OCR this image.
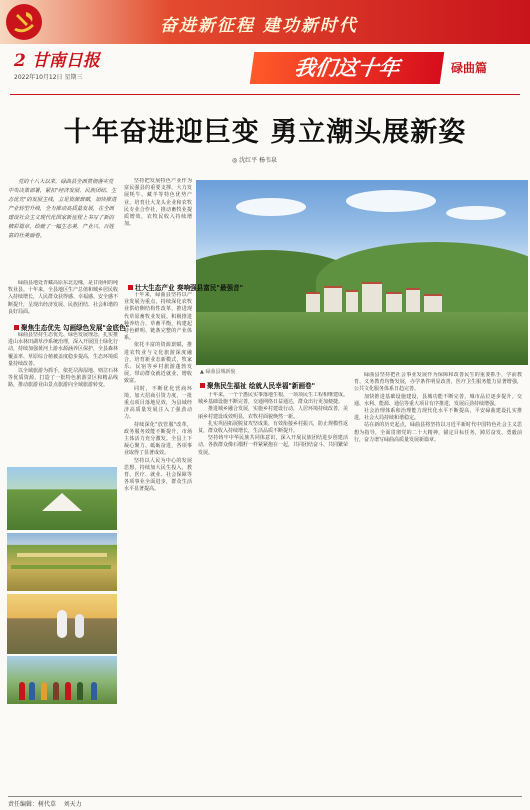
奋进新征程 建功新时代
2 甘南日报
2022年10月12日 星期三	我们这十年	碌曲篇
十年奋进迎巨变 勇立潮头展新姿
◎ 沈红平 杨韦泉

党的十八大以来，碌曲县全面贯彻落实党中央决策部署，紧扣"经济发展、民族团结、生态优先"的发展主线，立足资源禀赋，加快推进产业转型升级，全力推动高质量发展，在全面建设社会主义现代化国家新征程上书写了新的精彩篇章，绘就了一幅生态美、产业兴、百姓富的壮美画卷。

坚持把发展特色产业作为富民强县的重要支撑，大力发展牦牛、藏羊等特色优势产业，培育壮大龙头企业和农牧民专业合作社，推动畜牧业提质增效，农牧民收入持续增加。

▲ 碌曲县城新貌

碌曲县地处青藏高原东北边缘，是甘南州的纯牧业县。十年来，全县地区生产总值和城乡居民收入持续增长，人民群众获得感、幸福感、安全感不断提升，呈现出经济发展、民族团结、社会和谐的良好局面。

聚焦生态优先 勾画绿色发展"金底色"

碌曲县坚持生态优先、绿色发展理念，扎实推进山水林田湖草沙系统治理，深入开展国土绿化行动，持续加强黄河上游水源涵养区保护，全县森林覆盖率、草原综合植被盖度稳步提高，生态环境质量持续改善。

以全域旅游为抓手，依托尕海湿地、则岔石林等优质资源，打造了一批特色旅游景区和精品线路，推动旅游业由景点旅游向全域旅游转变。

壮大生态产业 奏响强县富民"最强音"

十年来，碌曲县坚持以产业发展为重点，持续深化农牧业供给侧结构性改革，推进现代草原畜牧业发展。积极推进种养结合、草畜平衡，构建起特色鲜明、链条完整的产业体系。

依托丰富的资源禀赋，推进农牧业与文化旅游深度融合，培育新业态新模式，牧家乐、民宿等乡村旅游蓬勃发展，带动群众就近就业、增收致富。

同时，不断优化营商环境，加大招商引资力度，一批重点项目落地见效，为县域经济高质量发展注入了强劲动力。

持续深化"放管服"改革，政务服务效能不断提升，市场主体活力充分激发。全县上下凝心聚力、砥砺奋进，各项事业取得了显著成效。

坚持以人民为中心的发展思想，持续加大民生投入，教育、医疗、就业、社会保障等各项事业全面进步，群众生活水平显著提高。

聚焦民生福祉 绘就人民幸福"新画卷"

十年来，一个个惠民实事落地生根，一项项民生工程相继建成。城乡基础设施不断完善，交通网络日益通达，群众出行更加便捷。

推进城乡融合发展，实施乡村建设行动，人居环境持续改善，美丽乡村建设成效明显，农牧村面貌焕然一新。

扎实巩固拓展脱贫攻坚成果，有效衔接乡村振兴，防止规模性返贫，群众收入持续增长，生活品质不断提升。

坚持铸牢中华民族共同体意识，深入开展民族团结进步创建活动，各族群众像石榴籽一样紧紧抱在一起，共同团结奋斗、共同繁荣发展。

碌曲县坚持把社会事业发展作为保障和改善民生的重要抓手，学前教育、义务教育均衡发展，办学条件明显改善，医疗卫生服务能力显著增强，公共文化服务体系日趋完善。

加快推进基础设施建设，县城功能不断完善，城市品位逐步提升。交通、水利、能源、通信等重大项目有序推进，发展后劲持续增强。

社会治理体系和治理能力现代化水平不断提高，平安碌曲建设扎实推进，社会大局持续和谐稳定。

站在新的历史起点，碌曲县将坚持以习近平新时代中国特色社会主义思想为指导，全面贯彻党的二十大精神，锚定目标任务，踔厉奋发、勇毅前行，奋力谱写碌曲高质量发展新篇章。

责任编辑：树代草 刘天力
